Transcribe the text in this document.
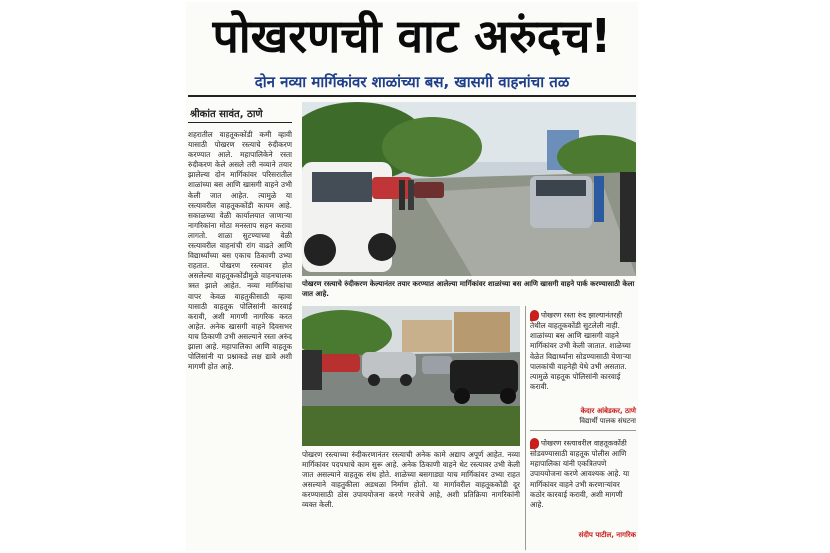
पोखरणची वाट अरुंदच!
दोन नव्या मार्गिकांवर शाळांच्या बस, खासगी वाहनांचा तळ
श्रीकांत सावंत, ठाणे
शहरातील वाहतूककोंडी कमी व्हावी यासाठी पोखरण रस्त्याचे रुंदीकरण करण्यात आले. महापालिकेने रस्ता रुंदीकरण केले असले तरी नव्याने तयार झालेल्या दोन मार्गिकांवर परिसरातील शाळांच्या बस आणि खासगी वाहने उभी केली जात आहेत. त्यामुळे या रस्त्यावरील वाहतूककोंडी कायम आहे. सकाळच्या वेळी कार्यालयात जाणाऱ्या नागरिकांना मोठा मनस्ताप सहन करावा लागतो. शाळा सुटण्याच्या वेळी रस्त्यावरील वाहनांची रांग वाढते आणि विद्यार्थ्यांच्या बस एकाच ठिकाणी उभ्या राहतात. पोखरण रस्त्यावर होत असलेल्या वाहतूककोंडीमुळे वाहनचालक त्रस्त झाले आहेत. नव्या मार्गिकांचा वापर केवळ वाहतुकीसाठी व्हावा यासाठी वाहतूक पोलिसांनी कारवाई करावी, अशी मागणी नागरिक करत आहेत. अनेक खासगी वाहने दिवसभर याच ठिकाणी उभी असल्याने रस्ता अरुंद झाला आहे. महापालिका आणि वाहतूक पोलिसांनी या प्रश्नाकडे लक्ष द्यावे अशी मागणी होत आहे.
पोखरण रस्त्याचे रुंदीकरण केल्यानंतर तयार करण्यात आलेल्या मार्गिकांवर शाळांच्या बस आणि खासगी वाहने पार्क करण्यासाठी केला जात आहे.
पोखरण रस्त्याच्या रुंदीकरणानंतर रस्त्याची अनेक कामे अद्याप अपूर्ण आहेत. नव्या मार्गिकांवर पदपथाचे काम सुरू आहे. अनेक ठिकाणी वाहने थेट रस्त्यावर उभी केली जात असल्याने वाहतूक संथ होते. शाळेच्या बसगाड्या याच मार्गिकांवर उभ्या राहत असल्याने वाहतुकीला अडथळा निर्माण होतो. या मार्गावरील वाहतूककोंडी दूर करण्यासाठी ठोस उपाययोजना करणे गरजेचे आहे, अशी प्रतिक्रिया नागरिकांनी व्यक्त केली.
पोखरण रस्ता रुंद झाल्यानंतरही तेथील वाहतूककोंडी सुटलेली नाही. शाळांच्या बस आणि खासगी वाहने मार्गिकांवर उभी केली जातात. शाळेच्या वेळेत विद्यार्थ्यांना सोडण्यासाठी येणाऱ्या पालकांची वाहनेही येथे उभी असतात. त्यामुळे वाहतूक पोलिसांनी कारवाई करावी.
केदार आंबेडकर, ठाणे
विद्यार्थी पालक संघटना
पोखरण रस्त्यावरील वाहतूककोंडी सोडवण्यासाठी वाहतूक पोलीस आणि महापालिका यांनी एकत्रितपणे उपाययोजना करणे आवश्यक आहे. या मार्गिकांवर वाहने उभी करणाऱ्यांवर कठोर कारवाई करावी, अशी मागणी आहे.
संदीप पाटील, नागरिक
